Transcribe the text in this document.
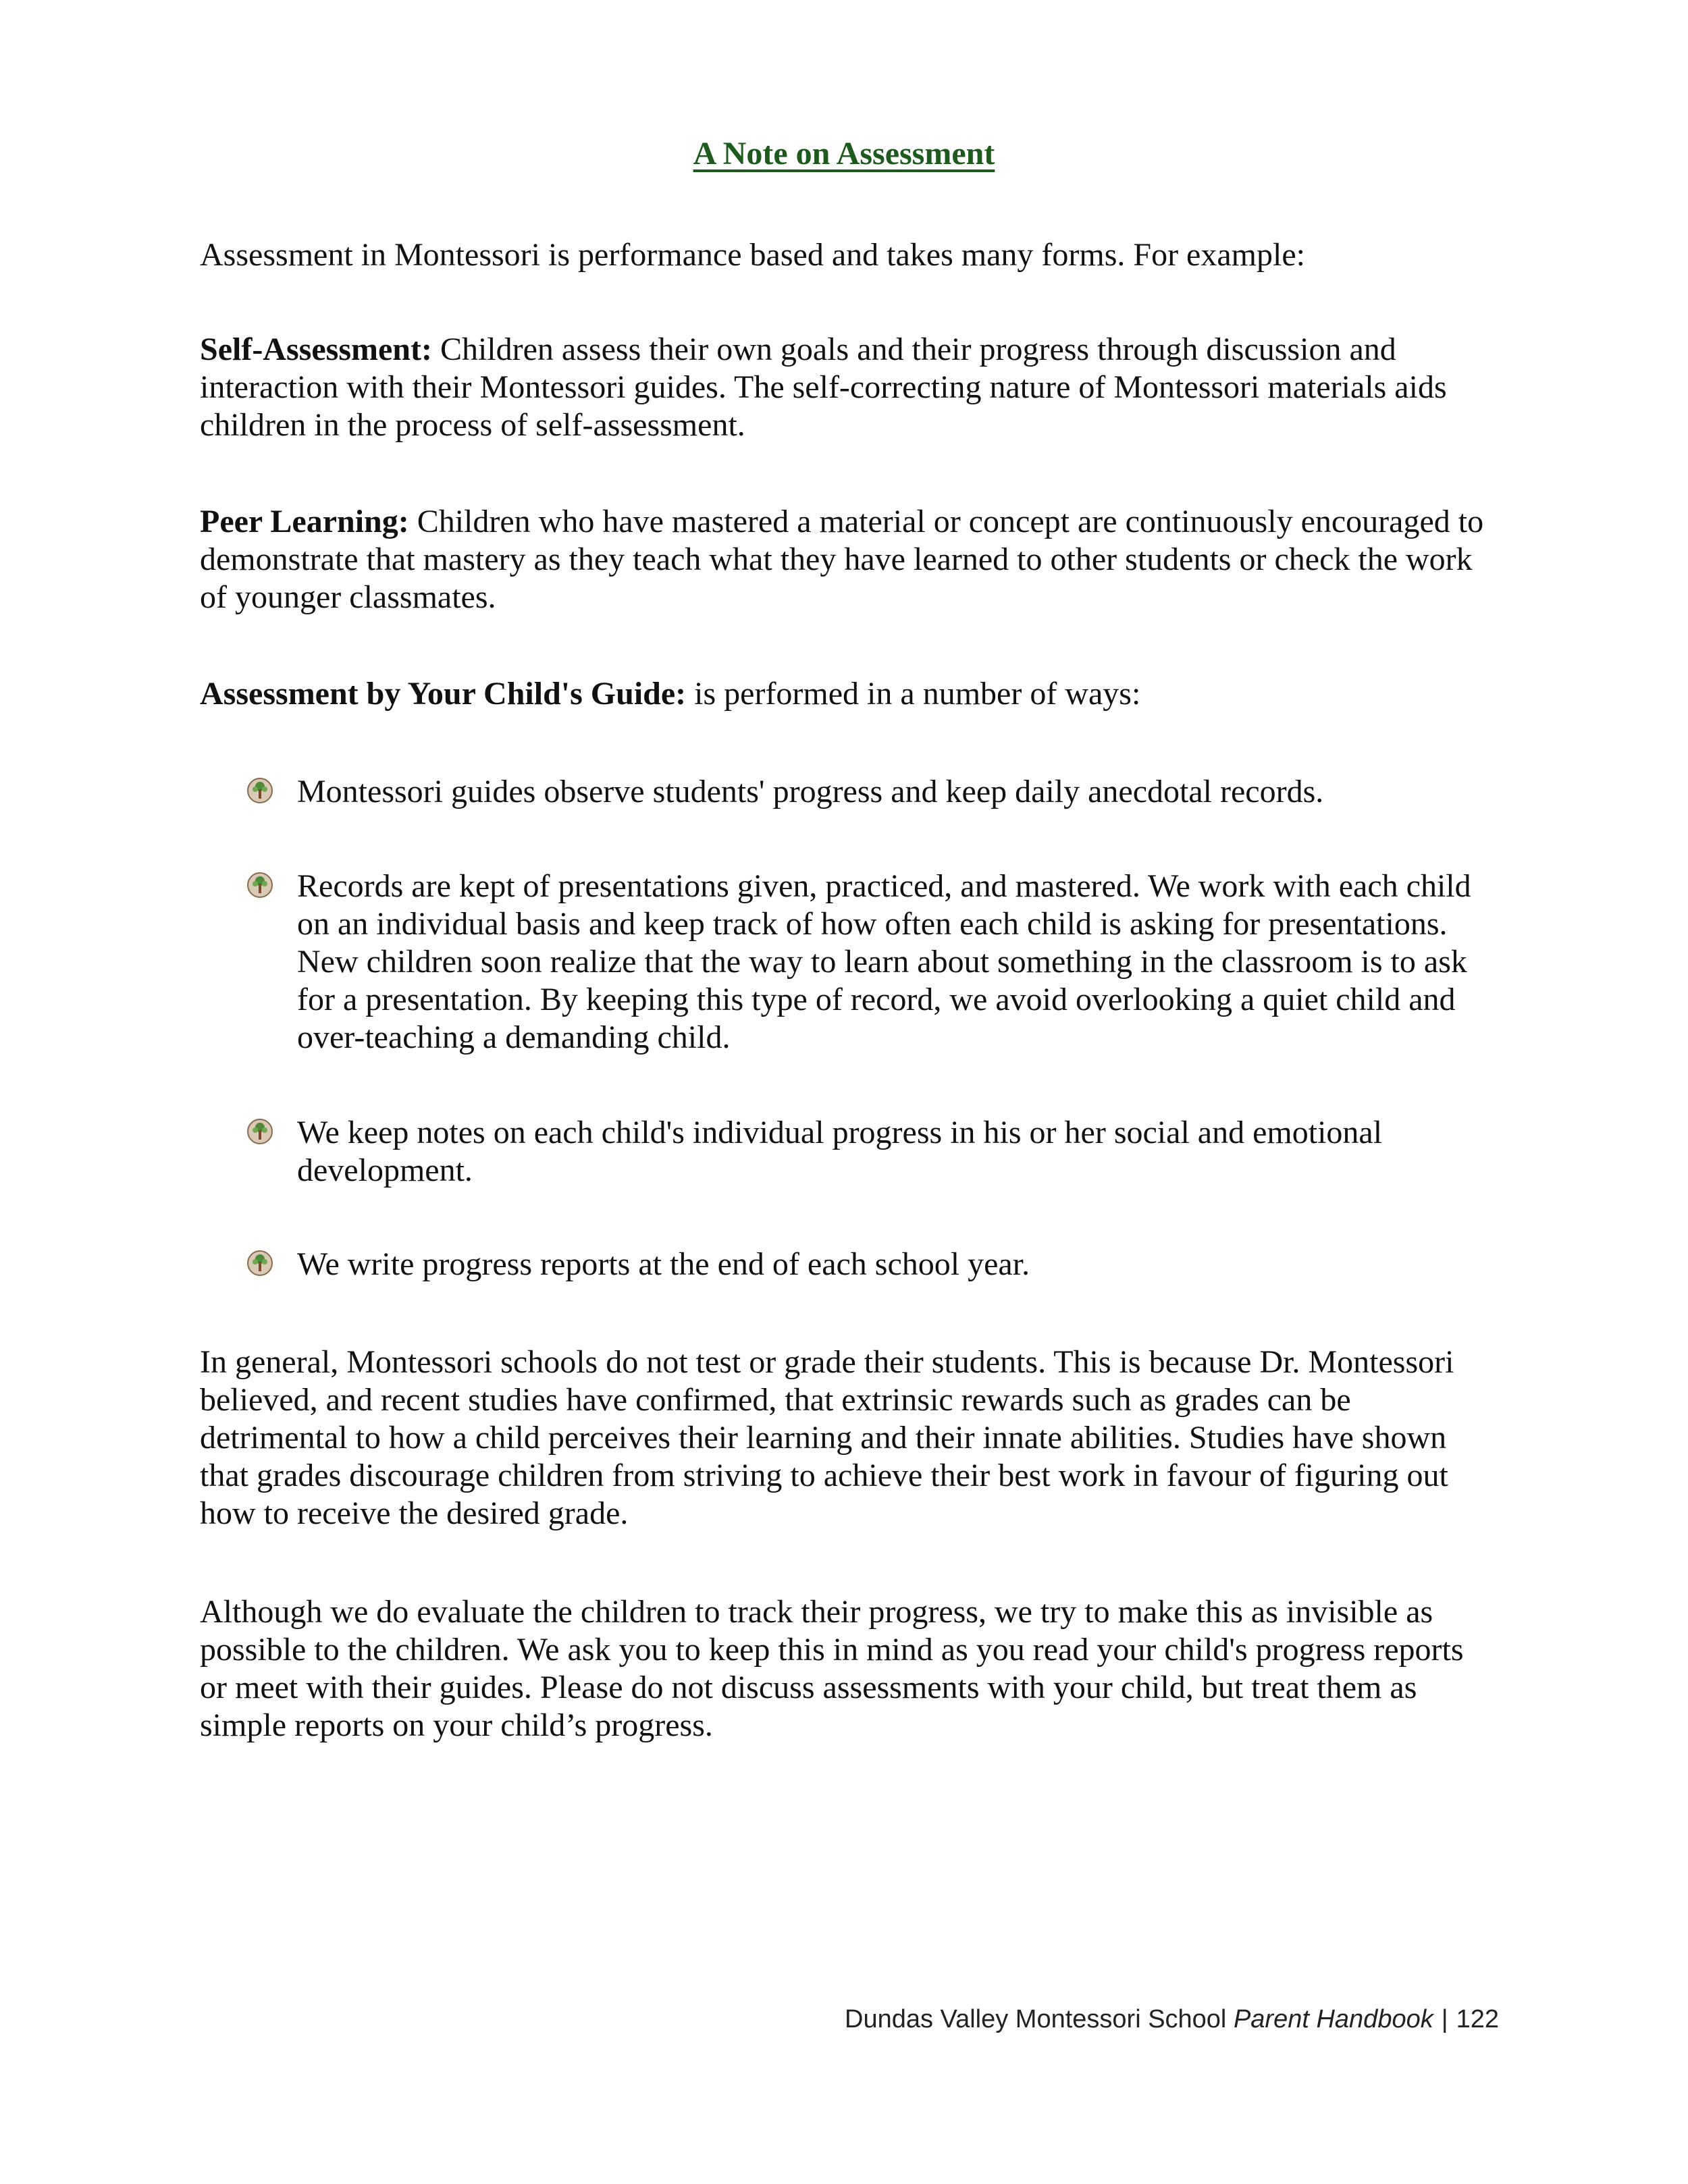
A Note on Assessment

Assessment in Montessori is performance based and takes many forms. For example:

Self-Assessment: Children assess their own goals and their progress through discussion and interaction with their Montessori guides. The self-correcting nature of Montessori materials aids children in the process of self-assessment.

Peer Learning: Children who have mastered a material or concept are continuously encouraged to demonstrate that mastery as they teach what they have learned to other students or check the work of younger classmates.

Assessment by Your Child's Guide: is performed in a number of ways:

Montessori guides observe students' progress and keep daily anecdotal records.

Records are kept of presentations given, practiced, and mastered. We work with each child on an individual basis and keep track of how often each child is asking for presentations. New children soon realize that the way to learn about something in the classroom is to ask for a presentation. By keeping this type of record, we avoid overlooking a quiet child and over-teaching a demanding child.

We keep notes on each child's individual progress in his or her social and emotional development.

We write progress reports at the end of each school year.

In general, Montessori schools do not test or grade their students. This is because Dr. Montessori believed, and recent studies have confirmed, that extrinsic rewards such as grades can be detrimental to how a child perceives their learning and their innate abilities. Studies have shown that grades discourage children from striving to achieve their best work in favour of figuring out how to receive the desired grade.

Although we do evaluate the children to track their progress, we try to make this as invisible as possible to the children. We ask you to keep this in mind as you read your child's progress reports or meet with their guides. Please do not discuss assessments with your child, but treat them as simple reports on your child’s progress.

Dundas Valley Montessori School Parent Handbook | 122
